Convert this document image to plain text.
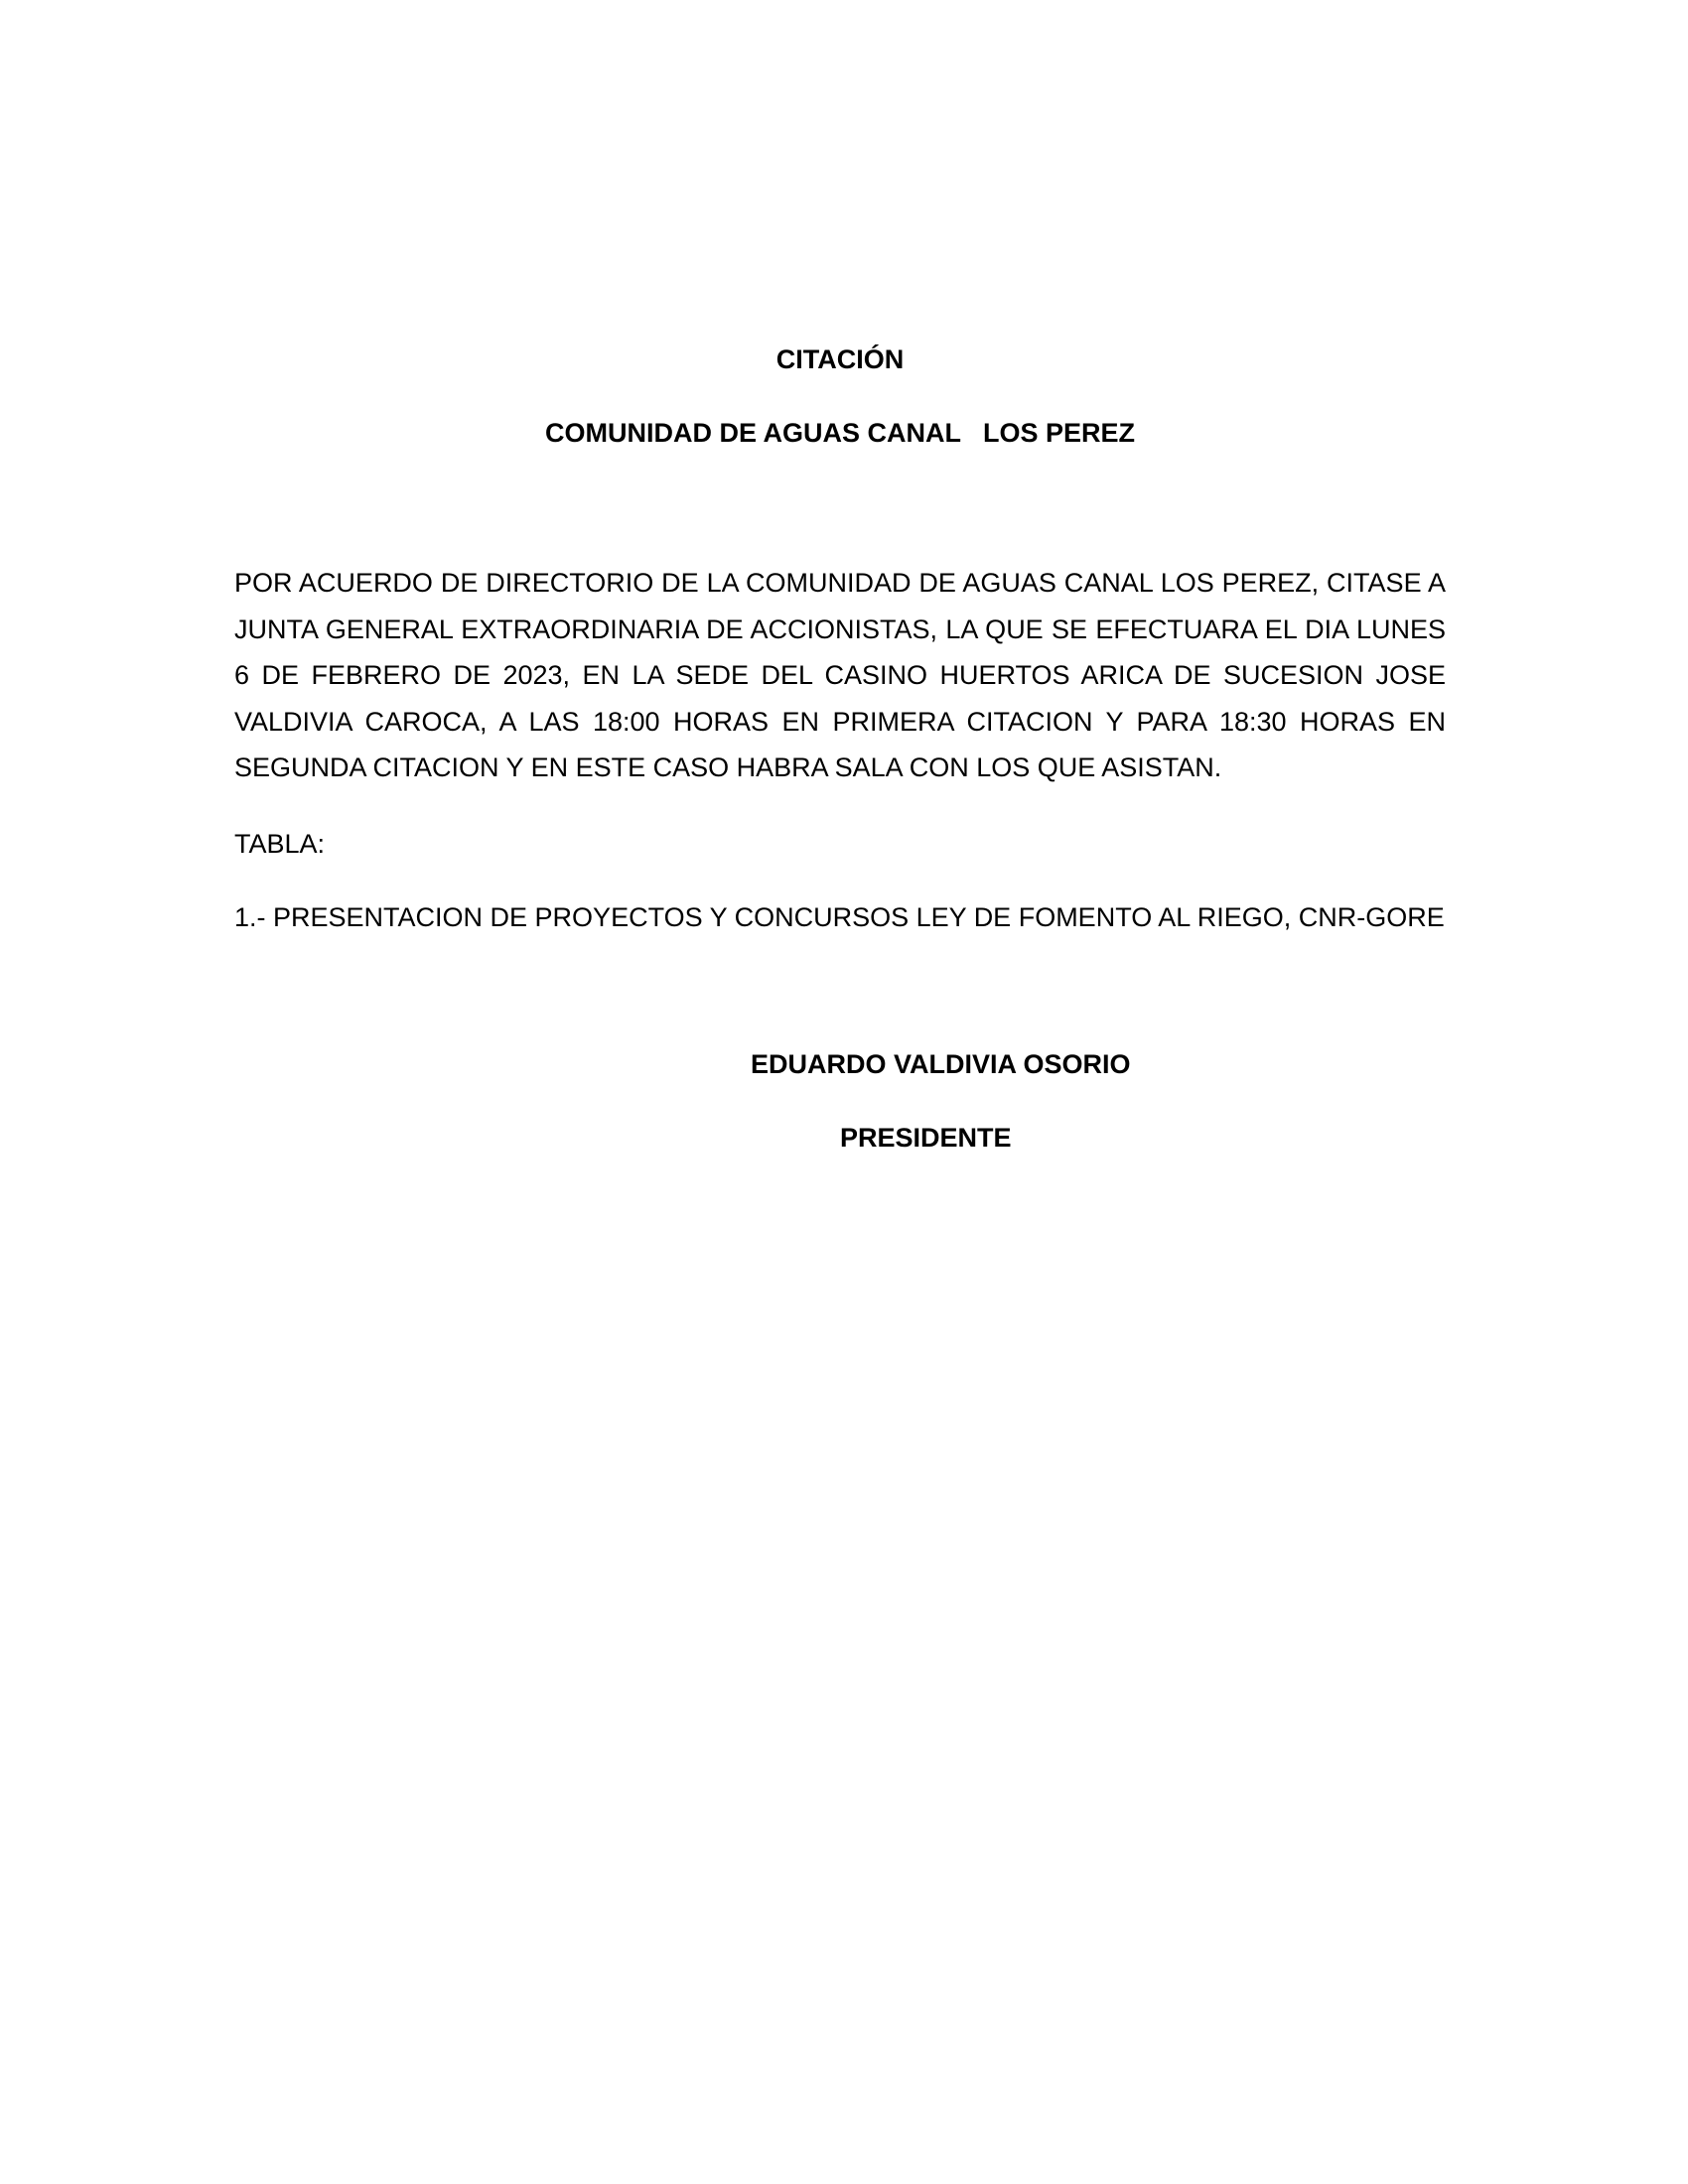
CITACIÓN
COMUNIDAD DE AGUAS CANAL   LOS PEREZ
POR ACUERDO DE DIRECTORIO DE LA COMUNIDAD DE AGUAS CANAL LOS PEREZ, CITASE A
JUNTA GENERAL EXTRAORDINARIA DE ACCIONISTAS, LA QUE SE EFECTUARA EL DIA LUNES
6 DE FEBRERO DE 2023, EN LA SEDE DEL CASINO HUERTOS ARICA DE SUCESION JOSE
VALDIVIA CAROCA, A LAS 18:00 HORAS EN PRIMERA CITACION Y PARA 18:30 HORAS EN
SEGUNDA CITACION Y EN ESTE CASO HABRA SALA CON LOS QUE ASISTAN.
TABLA:
1.- PRESENTACION DE PROYECTOS Y CONCURSOS LEY DE FOMENTO AL RIEGO, CNR-GORE
EDUARDO VALDIVIA OSORIO
PRESIDENTE
